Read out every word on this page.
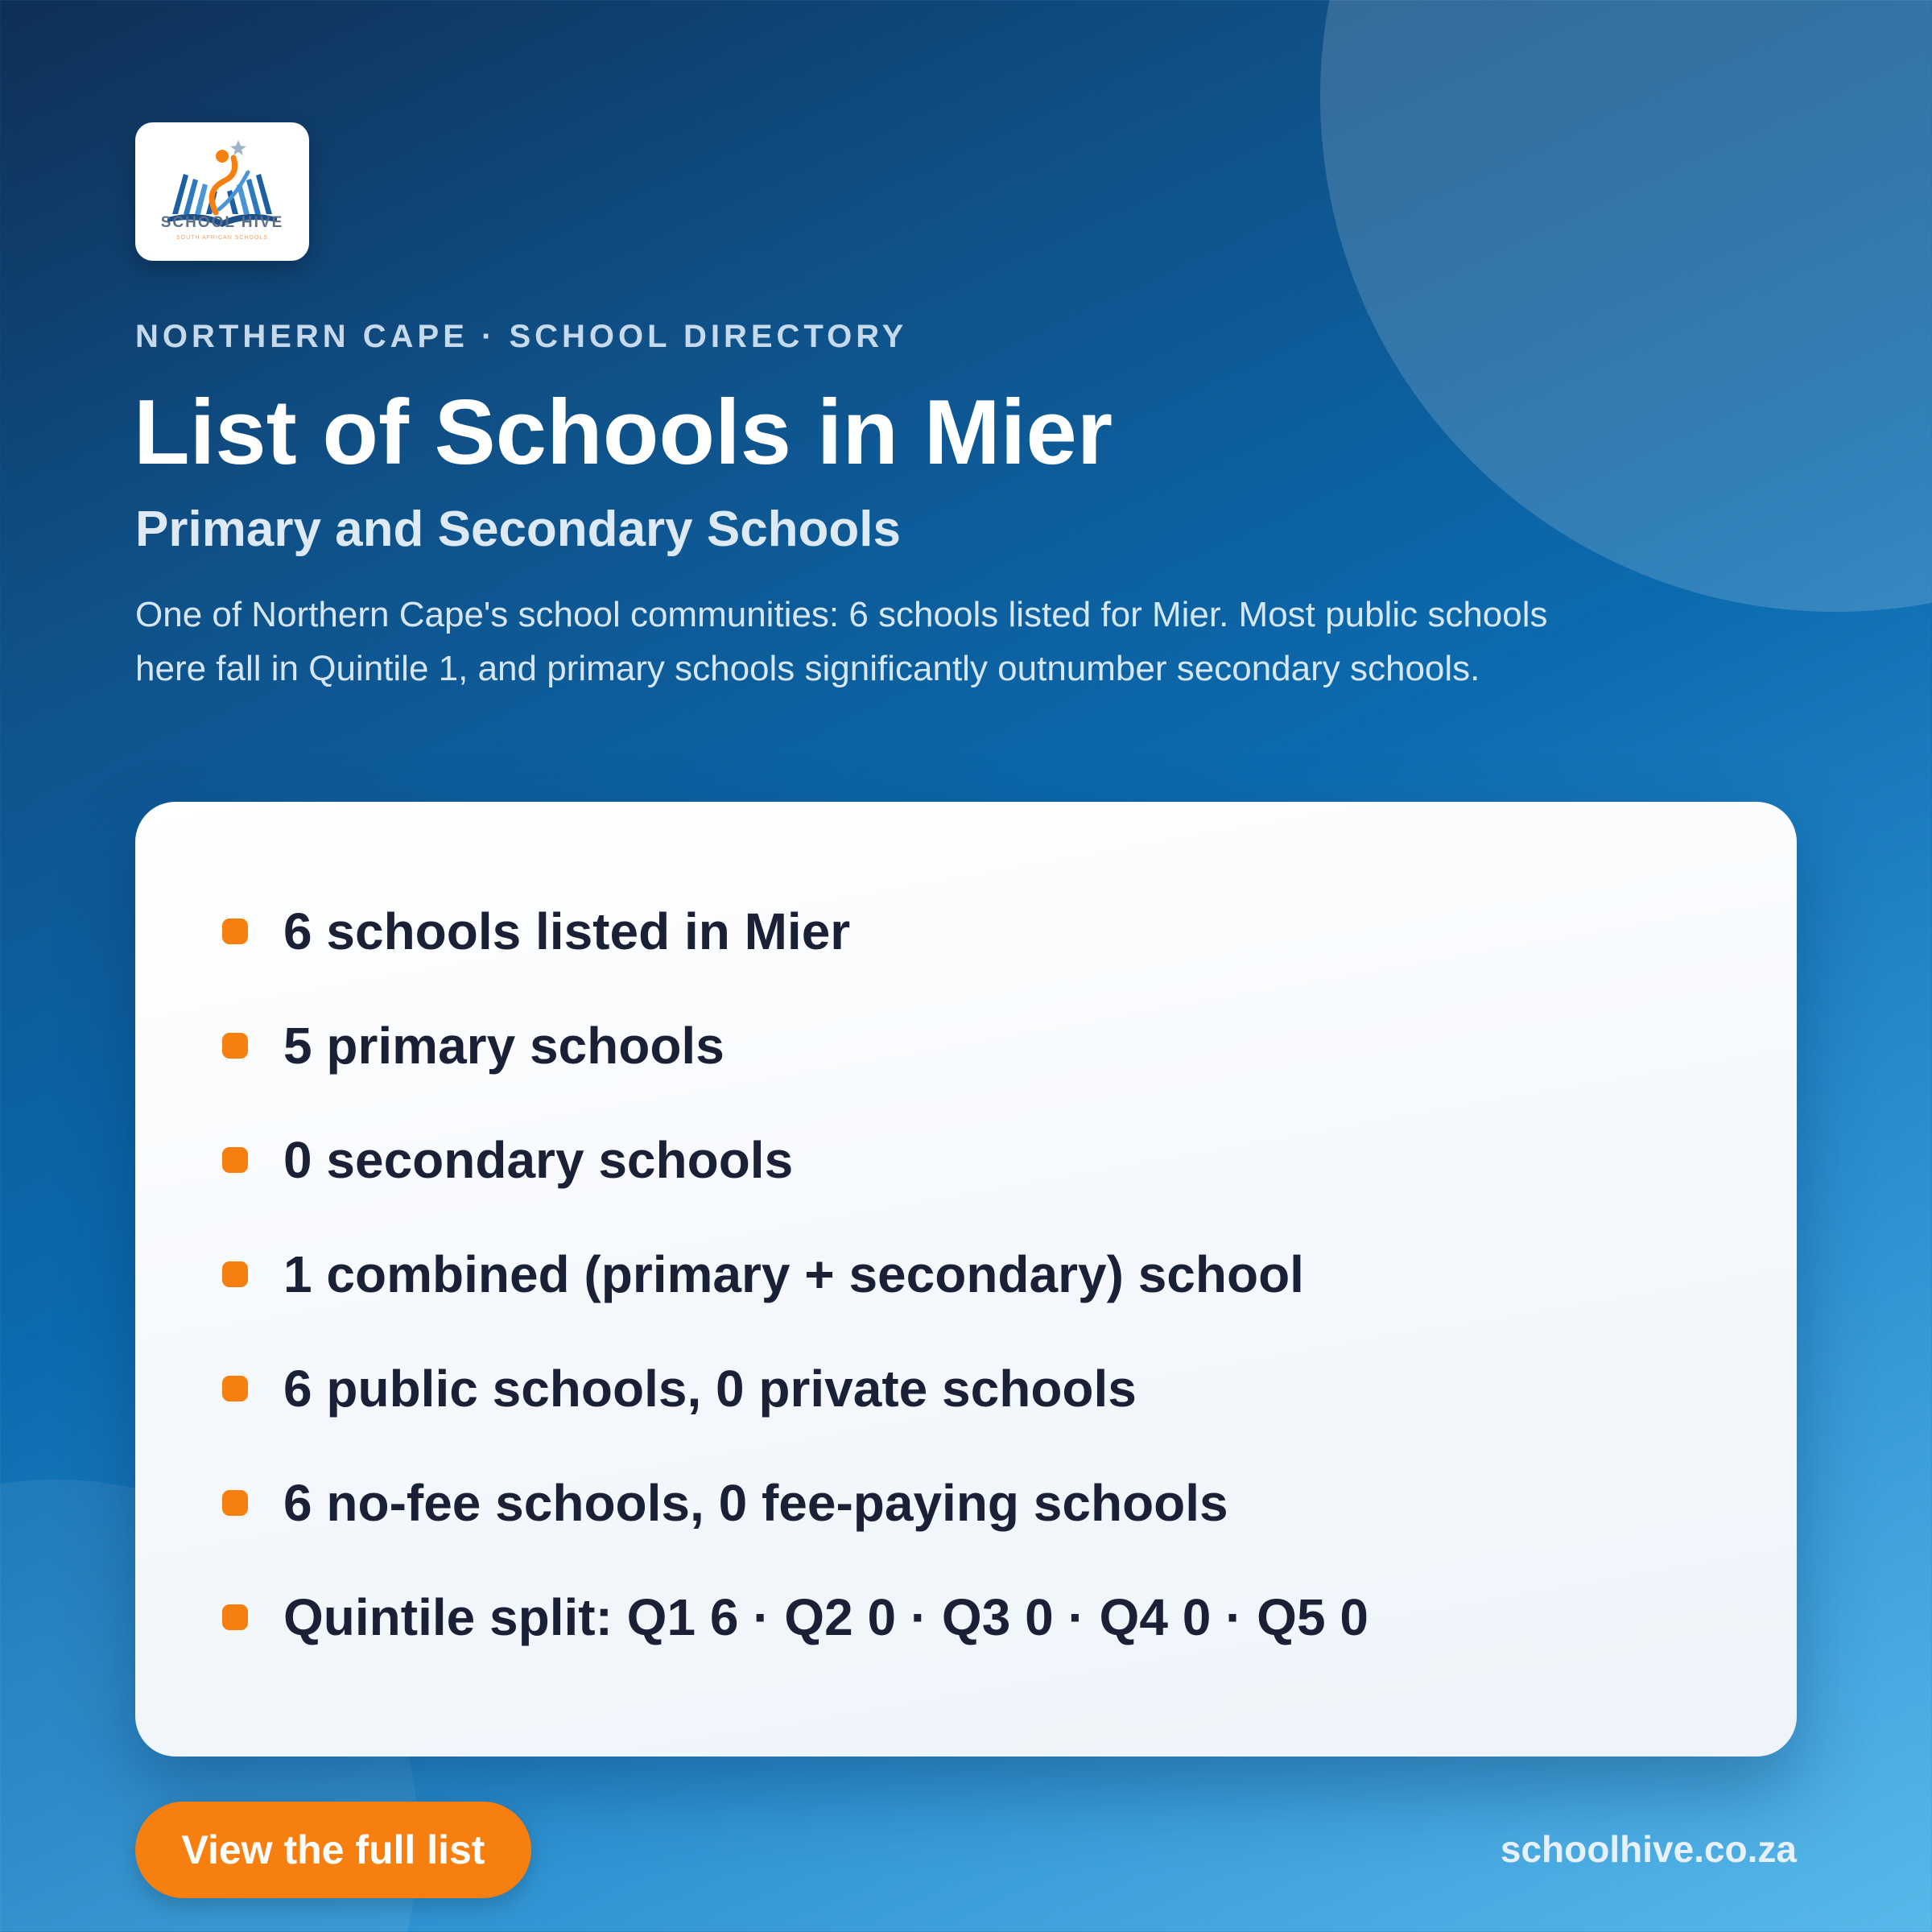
SCHOOL HIVE
SOUTH AFRICAN SCHOOLS
NORTHERN CAPE · SCHOOL DIRECTORY
List of Schools in Mier
Primary and Secondary Schools

One of Northern Cape's school communities: 6 schools listed for Mier. Most public schools here fall in Quintile 1, and primary schools significantly outnumber secondary schools.

6 schools listed in Mier
5 primary schools
0 secondary schools
1 combined (primary + secondary) school
6 public schools, 0 private schools
6 no-fee schools, 0 fee-paying schools
Quintile split: Q1 6 · Q2 0 · Q3 0 · Q4 0 · Q5 0
View the full list	schoolhive.co.za
